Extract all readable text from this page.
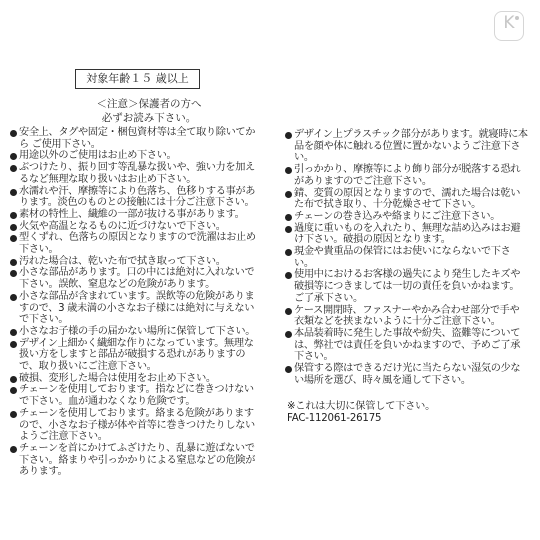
K
対象年齢１５ 歳以上
＜注意＞保護者の方へ
必ずお読み下さい。
安全上、タグや固定・梱包資材等は全て取り除いてから ご使用下さい。
用途以外のご使用はお止め下さい。
ぶつけたり、振り回す等乱暴な扱いや、強い力を加えるなど無理な取り扱いはお止め下さい。
水濡れや汗、摩擦等により色落ち、色移りする事があります。淡色のものとの接触には十分ご注意下さい。
素材の特性上、繊維の一部が抜ける事があります。
火気や高温となるものに近づけないで下さい。
型くずれ、色落ちの原因となりますので洗濯はお止め下さい。
汚れた場合は、乾いた布で拭き取って下さい。
小さな部品があります。口の中には絶対に入れないで下さい。誤飲、窒息などの危険があります。
小さな部品が含まれています。誤飲等の危険がありますので、3 歳未満の小さなお子様には絶対に与えないで下さい。
小さなお子様の手の届かない場所に保管して下さい。
デザイン上細かく繊細な作りになっています。無理な扱い方をしますと部品が破損する恐れがありますので、取り扱いにご注意下さい。
破損、変形した場合は使用をお止め下さい。
チェーンを使用しております。指などに巻きつけないで下さい。血が通わなくなり危険です。
チェーンを使用しております。絡まる危険がありますので、小さなお子様が体や首等に巻きつけたりしないようご注意下さい。
チェーンを首にかけてふざけたり、乱暴に遊ばないで下さい。絡まりや引っかかりによる窒息などの危険があります。
デザイン上プラスチック部分があります。就寝時に本品を顔や体に触れる位置に置かないようご注意下さい。
引っかかり、摩擦等により飾り部分が脱落する恐れがありますのでご注意下さい。
錆、変質の原因となりますので、濡れた場合は乾いた布で拭き取り、十分乾燥させて下さい。
チェーンの巻き込みや絡まりにご注意下さい。
過度に重いものを入れたり、無理な詰め込みはお避け下さい。破損の原因となります。
現金や貴重品の保管にはお使いにならないで下さい。
使用中におけるお客様の過失により発生したキズや破損等につきましては一切の責任を負いかねます。ご了承下さい。
ケース開閉時、ファスナーやかみ合わせ部分で手や衣類などを挟まないように十分ご注意下さい。
本品装着時に発生した事故や紛失、盗難等については、弊社では責任を負いかねますので、予めご了承下さい。
保管する際はできるだけ光に当たらない湿気の少ない場所を選び、時々風を通して下さい。
※これは大切に保管して下さい。
FAC-112061-26175
